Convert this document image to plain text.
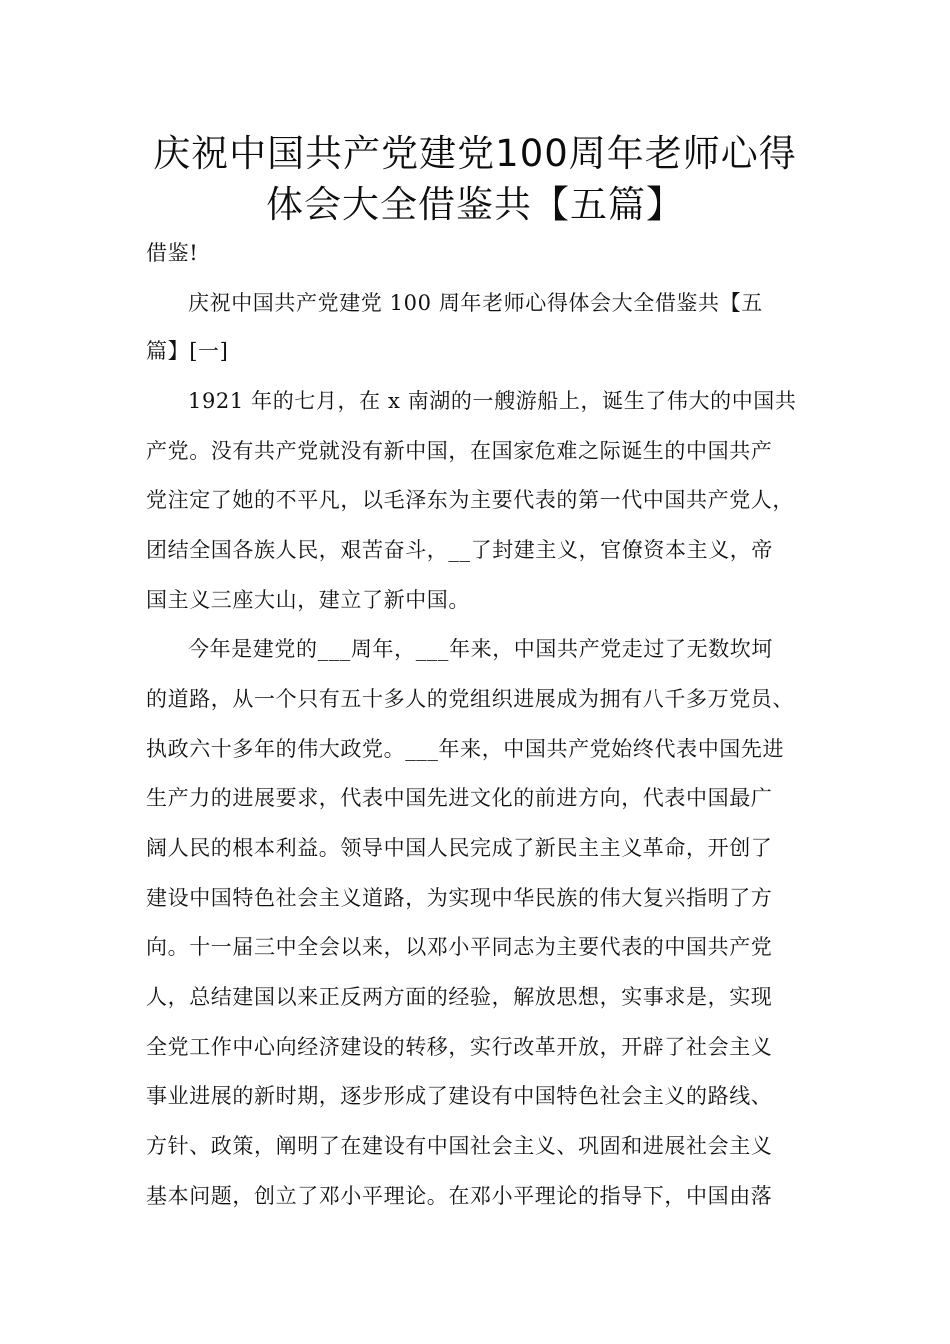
庆祝中国共产党建党100周年老师心得
体会大全借鉴共【五篇】
借鉴!
庆祝中国共产党建党 100 周年老师心得体会大全借鉴共【五
篇】[一]
1921 年的七月，在 x 南湖的一艘游船上，诞生了伟大的中国共
产党。没有共产党就没有新中国，在国家危难之际诞生的中国共产
党注定了她的不平凡，以毛泽东为主要代表的第一代中国共产党人，
团结全国各族人民，艰苦奋斗，__了封建主义，官僚资本主义，帝
国主义三座大山，建立了新中国。
今年是建党的___周年，___年来，中国共产党走过了无数坎坷
的道路，从一个只有五十多人的党组织进展成为拥有八千多万党员、
执政六十多年的伟大政党。___年来，中国共产党始终代表中国先进
生产力的进展要求，代表中国先进文化的前进方向，代表中国最广
阔人民的根本利益。领导中国人民完成了新民主主义革命，开创了
建设中国特色社会主义道路，为实现中华民族的伟大复兴指明了方
向。十一届三中全会以来，以邓小平同志为主要代表的中国共产党
人，总结建国以来正反两方面的经验，解放思想，实事求是，实现
全党工作中心向经济建设的转移，实行改革开放，开辟了社会主义
事业进展的新时期，逐步形成了建设有中国特色社会主义的路线、
方针、政策，阐明了在建设有中国社会主义、巩固和进展社会主义
基本问题，创立了邓小平理论。在邓小平理论的指导下，中国由落
